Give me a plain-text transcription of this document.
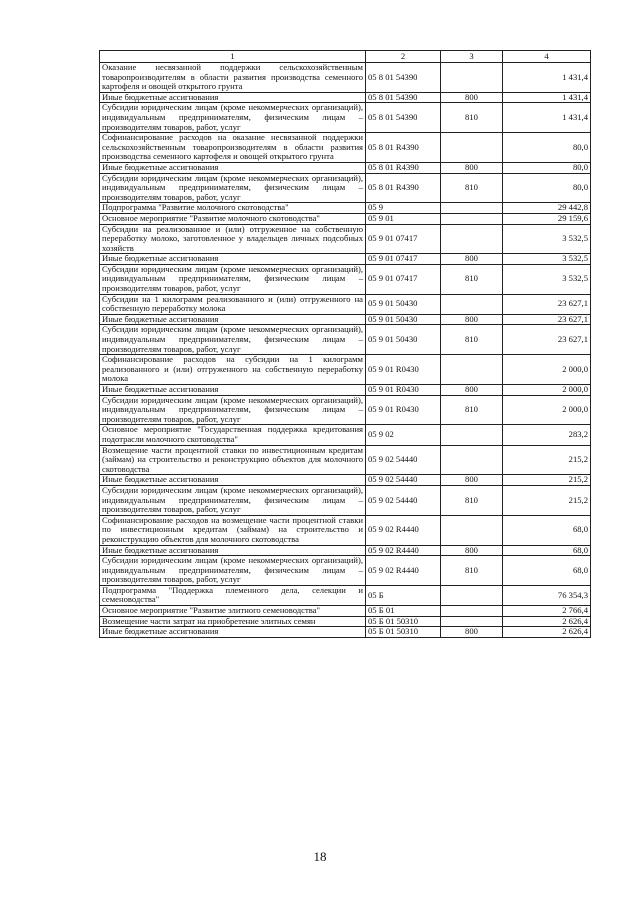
1	2	3	4
Оказание несвязанной поддержки сельскохозяйственным товаропроизводителям в области развития производства семенного картофеля и овощей открытого грунта	05 8 01 54390		1 431,4
Иные бюджетные ассигнования	05 8 01 54390	800	1 431,4
Субсидии юридическим лицам (кроме некоммерческих организаций), индивидуальным предпринимателям, физическим лицам – производителям товаров, работ, услуг	05 8 01 54390	810	1 431,4
Софинансирование расходов на оказание несвязанной поддержки сельскохозяйственным товаропроизводителям в области развития производства семенного картофеля и овощей открытого грунта	05 8 01 R4390		80,0
Иные бюджетные ассигнования	05 8 01 R4390	800	80,0
Субсидии юридическим лицам (кроме некоммерческих организаций), индивидуальным предпринимателям, физическим лицам – производителям товаров, работ, услуг	05 8 01 R4390	810	80,0
Подпрограмма "Развитие молочного скотоводства"	05 9		29 442,8
Основное мероприятие "Развитие молочного скотоводства"	05 9 01		29 159,6
Субсидии на реализованное и (или) отгруженное на собственную переработку молоко, заготовленное у владельцев личных подсобных хозяйств	05 9 01 07417		3 532,5
Иные бюджетные ассигнования	05 9 01 07417	800	3 532,5
Субсидии юридическим лицам (кроме некоммерческих организаций), индивидуальным предпринимателям, физическим лицам – производителям товаров, работ, услуг	05 9 01 07417	810	3 532,5
Субсидии на 1 килограмм реализованного и (или) отгруженного на собственную переработку молока	05 9 01 50430		23 627,1
Иные бюджетные ассигнования	05 9 01 50430	800	23 627,1
Субсидии юридическим лицам (кроме некоммерческих организаций), индивидуальным предпринимателям, физическим лицам – производителям товаров, работ, услуг	05 9 01 50430	810	23 627,1
Софинансирование расходов на субсидии на 1 килограмм реализованного и (или) отгруженного на собственную переработку молока	05 9 01 R0430		2 000,0
Иные бюджетные ассигнования	05 9 01 R0430	800	2 000,0
Субсидии юридическим лицам (кроме некоммерческих организаций), индивидуальным предпринимателям, физическим лицам – производителям товаров, работ, услуг	05 9 01 R0430	810	2 000,0
Основное мероприятие "Государственная поддержка кредитования подотрасли молочного скотоводства"	05 9 02		283,2
Возмещение части процентной ставки по инвестиционным кредитам (займам) на строительство и реконструкцию объектов для молочного скотоводства	05 9 02 54440		215,2
Иные бюджетные ассигнования	05 9 02 54440	800	215,2
Субсидии юридическим лицам (кроме некоммерческих организаций), индивидуальным предпринимателям, физическим лицам – производителям товаров, работ, услуг	05 9 02 54440	810	215,2
Софинансирование расходов на возмещение части процентной ставки по инвестиционным кредитам (займам) на строительство и реконструкцию объектов для молочного скотоводства	05 9 02 R4440		68,0
Иные бюджетные ассигнования	05 9 02 R4440	800	68,0
Субсидии юридическим лицам (кроме некоммерческих организаций), индивидуальным предпринимателям, физическим лицам – производителям товаров, работ, услуг	05 9 02 R4440	810	68,0
Подпрограмма "Поддержка племенного дела, селекции и семеноводства"	05 Б		76 354,3
Основное мероприятие "Развитие элитного семеноводства"	05 Б 01		2 766,4
Возмещение части затрат на приобретение элитных семян	05 Б 01 50310		2 626,4
Иные бюджетные ассигнования	05 Б 01 50310	800	2 626,4
18
